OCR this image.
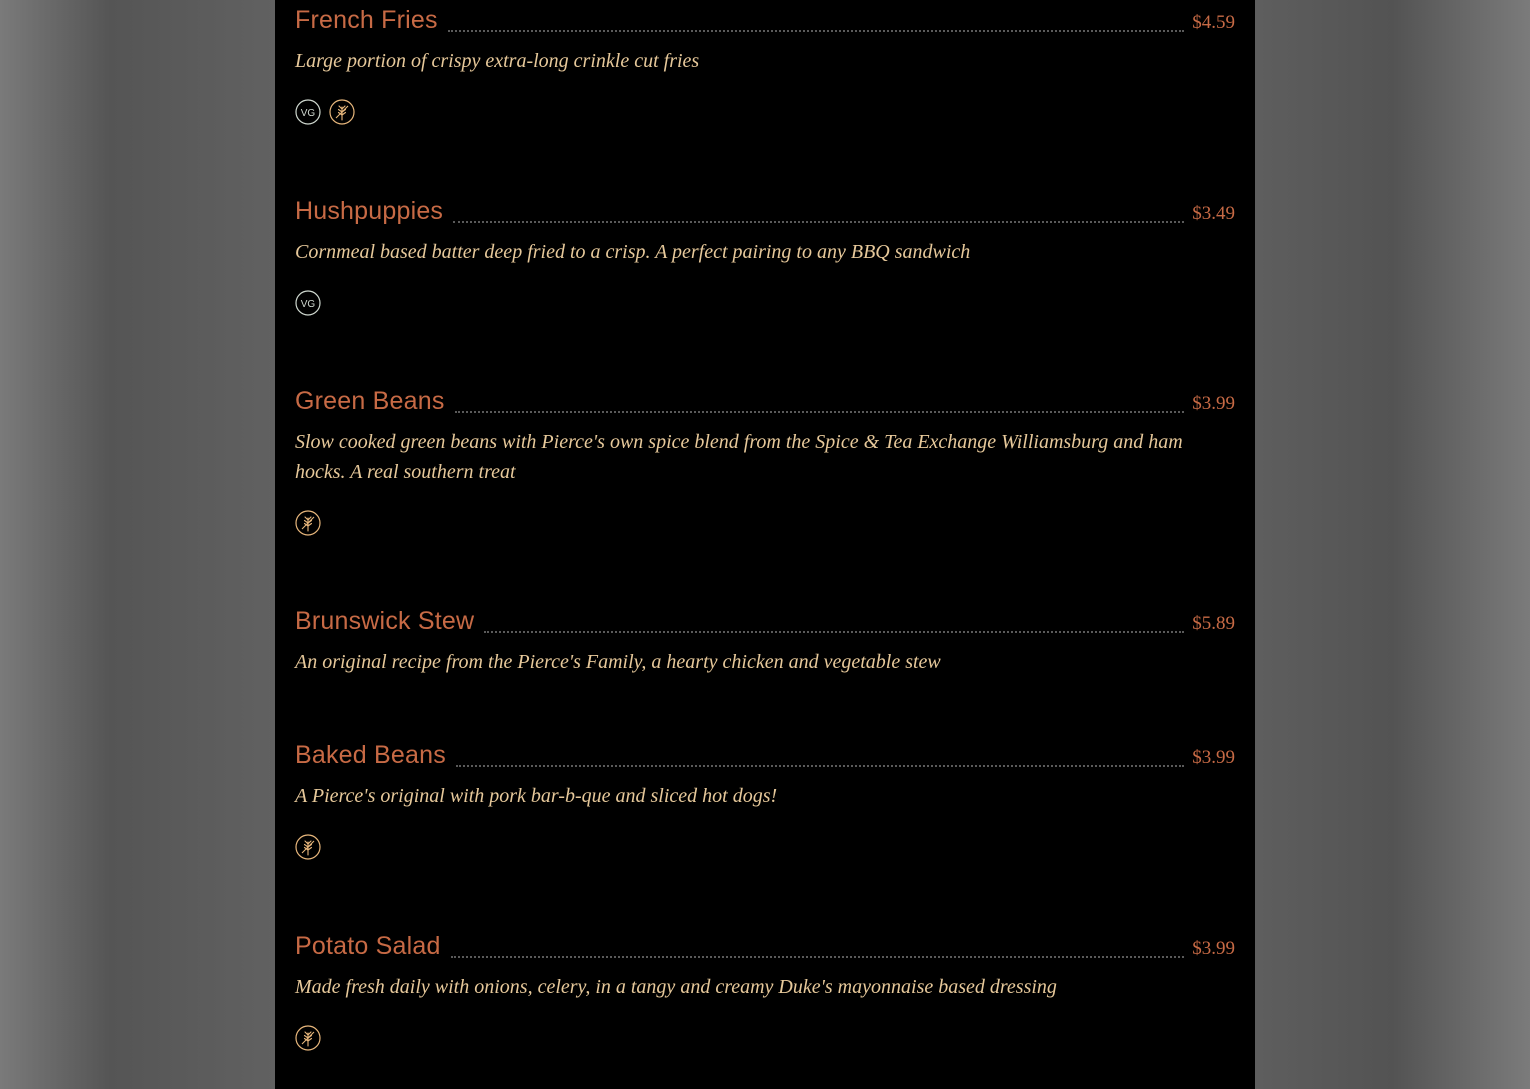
French Fries	$4.59
Large portion of crispy extra-long crinkle cut fries
VG
Hushpuppies	$3.49
Cornmeal based batter deep fried to a crisp. A perfect pairing to any BBQ sandwich
VG
Green Beans	$3.99
Slow cooked green beans with Pierce's own spice blend from the Spice & Tea Exchange Williamsburg and ham hocks. A real southern treat
Brunswick Stew	$5.89
An original recipe from the Pierce's Family, a hearty chicken and vegetable stew
Baked Beans	$3.99
A Pierce's original with pork bar-b-que and sliced hot dogs!
Potato Salad	$3.99
Made fresh daily with onions, celery, in a tangy and creamy Duke's mayonnaise based dressing
